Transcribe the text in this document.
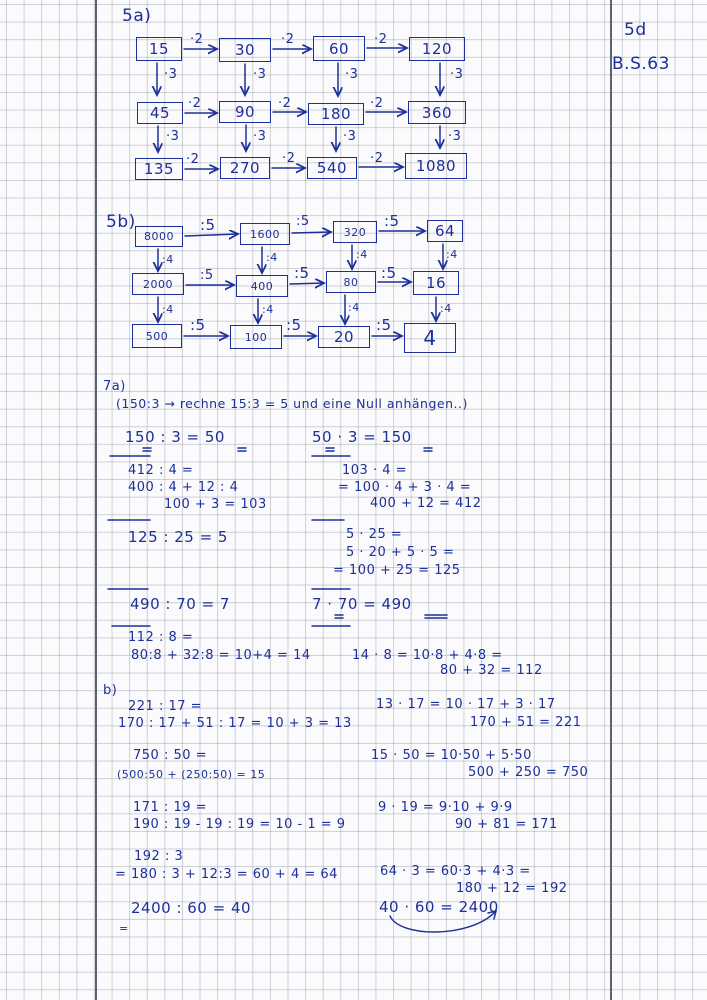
5a)
5d
B.S.63
15	30	60	120
45	90	180	360
135	270	540	1080
·2	·2	·2
·2	·2	·2
·2	·2	·2
·3	·3	·3	·3
·3	·3	·3	·3
5b)
8000	1600	320	64
2000	400	80	16
500	100	20	4
:5	:5	:5
:5	:5	:5
:5	:5	:5
:4	:4	:4	:4
:4	:4	:4	:4
7a)
(150:3 → rechne 15:3 = 5 und eine Null anhängen..)
150 : 3 = 50	50 · 3 = 150
412 : 4 =
400 : 4 + 12 : 4
100 + 3 = 103
103 · 4 =
= 100 · 4 + 3 · 4 =
400 + 12 = 412
125 : 25 = 5	5 · 25 =
5 · 20 + 5 · 5 =
= 100 + 25 = 125
490 : 70 = 7	7 · 70 = 490
112 : 8 =
80:8 + 32:8 = 10+4 = 14	14 · 8 = 10·8 + 4·8 =
80 + 32 = 112
b)
221 : 17 =
170 : 17 + 51 : 17 = 10 + 3 = 13
13 · 17 = 10 · 17 + 3 · 17
170 + 51 = 221
750 : 50 =
(500:50 + (250:50) = 15
15 · 50 = 10·50 + 5·50
500 + 250 = 750
171 : 19 =
190 : 19 - 19 : 19 = 10 - 1 = 9
9 · 19 = 9·10 + 9·9
90 + 81 = 171
192 : 3
= 180 : 3 + 12:3 = 60 + 4 = 64	64 · 3 = 60·3 + 4·3 =
180 + 12 = 192
2400 : 60 = 40
=
40 · 60 = 2400
